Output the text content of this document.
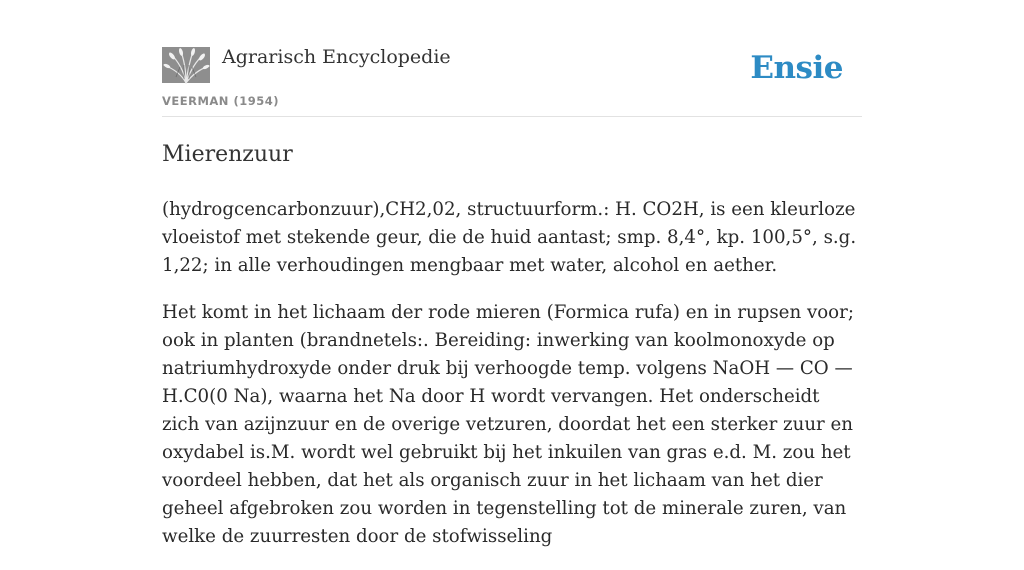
Agrarisch Encyclopedie
VEERMAN (1954)
Ensie
Mierenzuur

(hydrogcencarbonzuur),CH2,02, structuurform.: H. CO2H, is een kleurloze vloeistof met stekende geur, die de huid aantast; smp. 8,4°, kp. 100,5°, s.g. 1,22; in alle verhoudingen mengbaar met water, alcohol en aether.

Het komt in het lichaam der rode mieren (Formica rufa) en in rupsen voor; ook in planten (brandnetels:. Bereiding: inwerking van koolmonoxyde op natriumhydroxyde onder druk bij verhoogde temp. volgens NaOH — CO — H.C0(0 Na), waarna het Na door H wordt vervangen. Het onderscheidt zich van azijnzuur en de overige vetzuren, doordat het een sterker zuur en oxydabel is.M. wordt wel gebruikt bij het inkuilen van gras e.d. M. zou het voordeel hebben, dat het als organisch zuur in het lichaam van het dier geheel afgebroken zou worden in tegenstelling tot de minerale zuren, van welke de zuurresten door de stofwisseling
